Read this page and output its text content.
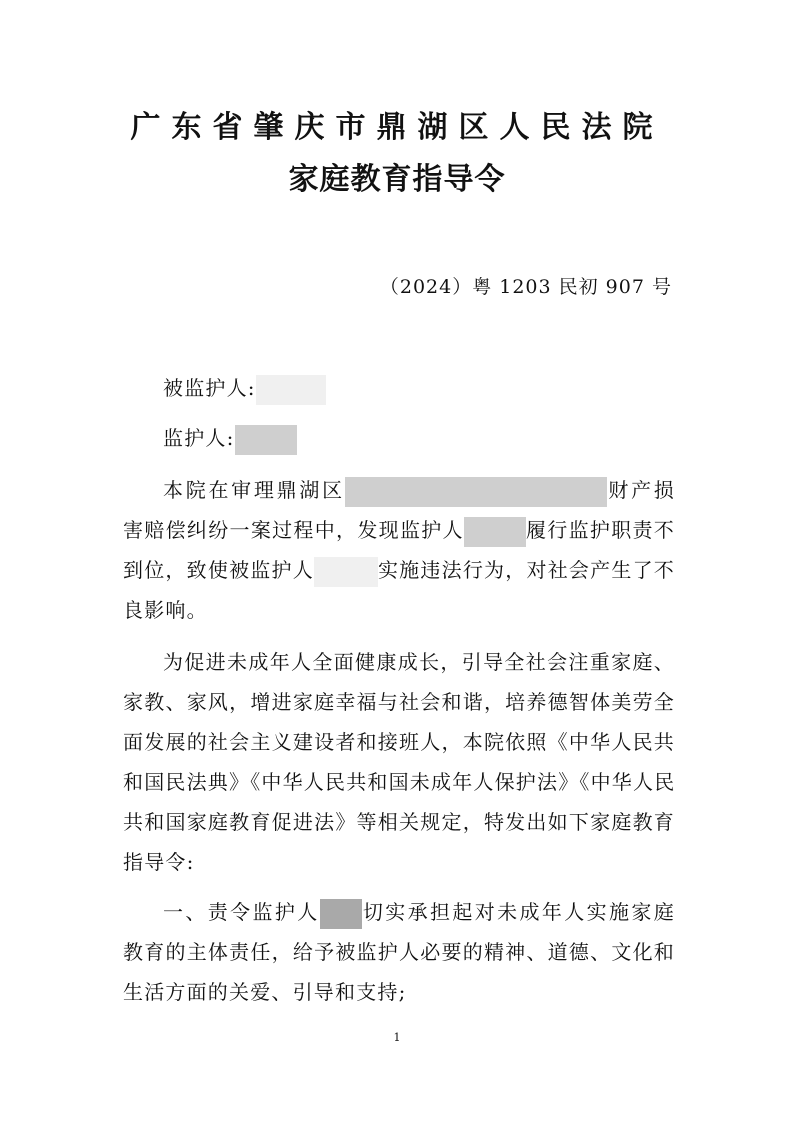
广东省肇庆市鼎湖区人民法院
家庭教育指导令
（2024）粤 1203 民初 907 号
被监护人:
监护人:
本院在审理鼎湖区	财产损
害赔偿纠纷一案过程中，发现监护人	履行监护职责不
到位，致使被监护人	实施违法行为，对社会产生了不
良影响。
为促进未成年人全面健康成长，引导全社会注重家庭、
家教、家风，增进家庭幸福与社会和谐，培养德智体美劳全
面发展的社会主义建设者和接班人，本院依照《中华人民共
和国民法典》《中华人民共和国未成年人保护法》《中华人民
共和国家庭教育促进法》等相关规定，特发出如下家庭教育
指导令:
一、责令监护人 切实承担起对未成年人实施家庭
教育的主体责任，给予被监护人必要的精神、道德、文化和
生活方面的关爱、引导和支持;
1
